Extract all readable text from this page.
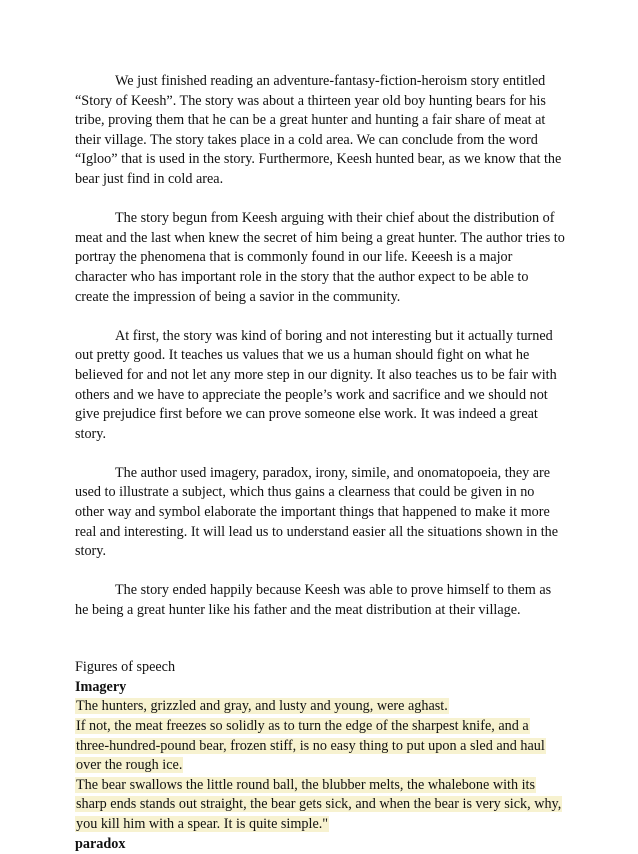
We just finished reading an adventure-fantasy-fiction-heroism story entitled “Story of Keesh”. The story was about a thirteen year old boy hunting bears for his tribe, proving them that he can be a great hunter and hunting a fair share of meat at their village. The story takes place in a cold area. We can conclude from the word “Igloo” that is used in the story. Furthermore, Keesh hunted bear, as we know that the bear just find in cold area.

The story begun from Keesh arguing with their chief about the distribution of meat and the last when knew the secret of him being a great hunter. The author tries to portray the phenomena that is commonly found in our life. Keeesh is a major character who has important role in the story that the author expect to be able to create the impression of being a savior in the community.

At first, the story was kind of boring and not interesting but it actually turned out pretty good. It teaches us values that we us a human should fight on what he believed for and not let any more step in our dignity. It also teaches us to be fair with others and we have to appreciate the people’s work and sacrifice and we should not give prejudice first before we can prove someone else work. It was indeed a great story.

The author used imagery, paradox, irony, simile, and onomatopoeia, they are used to illustrate a subject, which thus gains a clearness that could be given in no other way and symbol elaborate the important things that happened to make it more real and interesting. It will lead us to understand easier all the situations shown in the story.

The story ended happily because Keesh was able to prove himself to them as he being a great hunter like his father and the meat distribution at their village.

Figures of speech

Imagery

The hunters, grizzled and gray, and lusty and young, were aghast.

If not, the meat freezes so solidly as to turn the edge of the sharpest knife, and a three-hundred-pound bear, frozen stiff, is no easy thing to put upon a sled and haul over the rough ice.

The bear swallows the little round ball, the blubber melts, the whalebone with its sharp ends stands out straight, the bear gets sick, and when the bear is very sick, why, you kill him with a spear. It is quite simple."

paradox
